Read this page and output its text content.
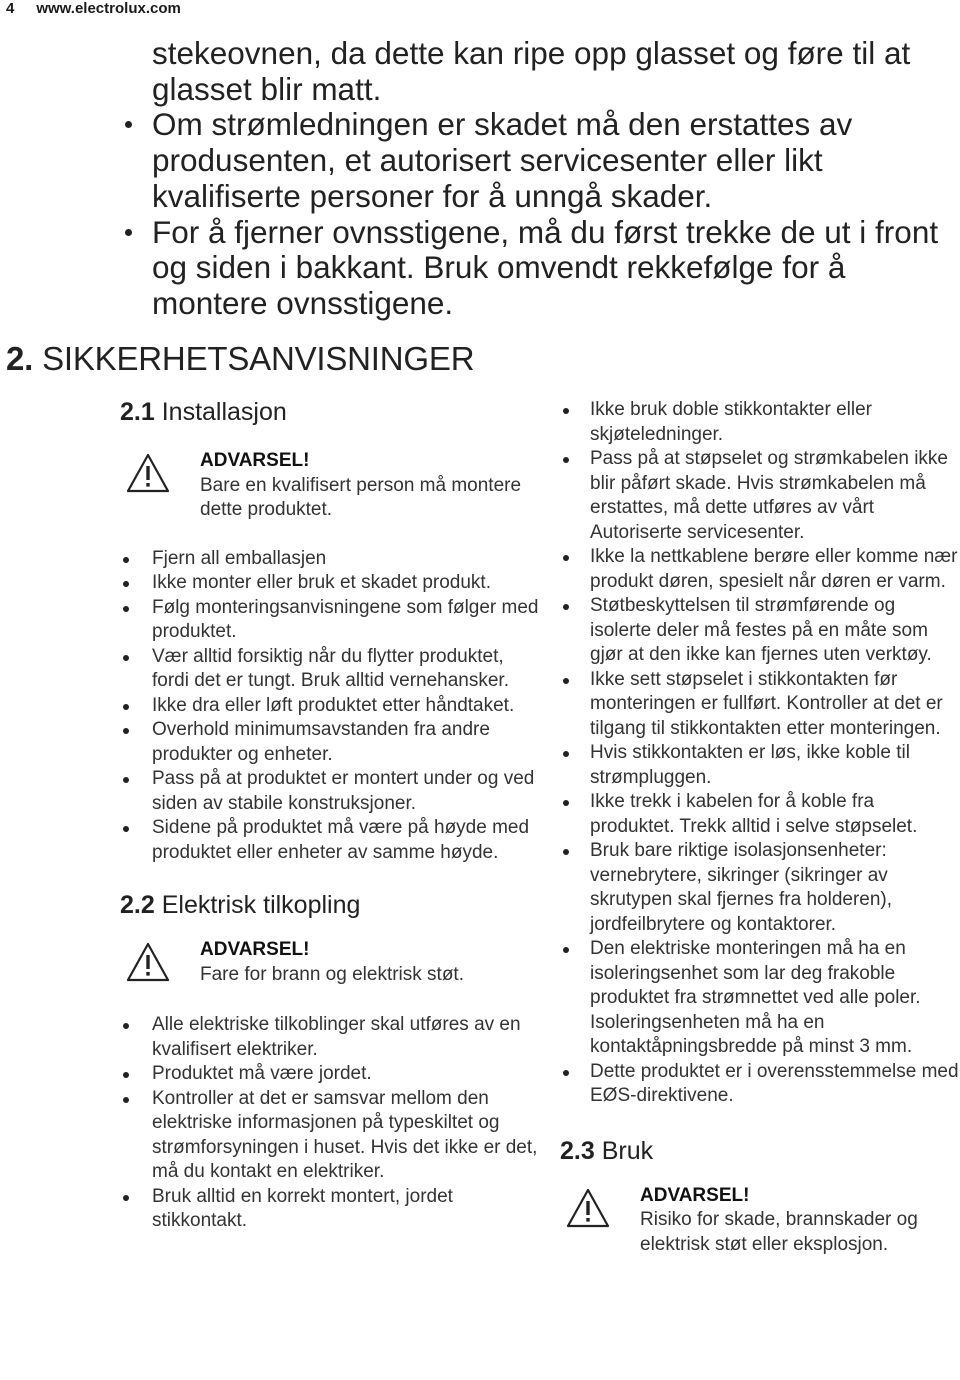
4 www.electrolux.com

stekeovnen, da dette kan ripe opp glasset og føre til at glasset blir matt.

Om strømledningen er skadet må den erstattes av produsenten, et autorisert servicesenter eller likt kvalifiserte personer for å unngå skader.
For å fjerner ovnsstigene, må du først trekke de ut i front og siden i bakkant. Bruk omvendt rekkefølge for å montere ovnsstigene.
2. SIKKERHETSANVISNINGER
2.1 Installasjon
ADVARSEL!
Bare en kvalifisert person må montere dette produktet.
Fjern all emballasjen
Ikke monter eller bruk et skadet produkt.
Følg monteringsanvisningene som følger med produktet.
Vær alltid forsiktig når du flytter produktet, fordi det er tungt. Bruk alltid vernehansker.
Ikke dra eller løft produktet etter håndtaket.
Overhold minimumsavstanden fra andre produkter og enheter.
Pass på at produktet er montert under og ved siden av stabile konstruksjoner.
Sidene på produktet må være på høyde med produktet eller enheter av samme høyde.
2.2 Elektrisk tilkopling
ADVARSEL!
Fare for brann og elektrisk støt.
Alle elektriske tilkoblinger skal utføres av en kvalifisert elektriker.
Produktet må være jordet.
Kontroller at det er samsvar mellom den elektriske informasjonen på typeskiltet og strømforsyningen i huset. Hvis det ikke er det, må du kontakt en elektriker.
Bruk alltid en korrekt montert, jordet stikkontakt.
Ikke bruk doble stikkontakter eller skjøteledninger.
Pass på at støpselet og strømkabelen ikke blir påført skade. Hvis strømkabelen må erstattes, må dette utføres av vårt Autoriserte servicesenter.
Ikke la nettkablene berøre eller komme nær produkt døren, spesielt når døren er varm.
Støtbeskyttelsen til strømførende og isolerte deler må festes på en måte som gjør at den ikke kan fjernes uten verktøy.
Ikke sett støpselet i stikkontakten før monteringen er fullført. Kontroller at det er tilgang til stikkontakten etter monteringen.
Hvis stikkontakten er løs, ikke koble til strømpluggen.
Ikke trekk i kabelen for å koble fra produktet. Trekk alltid i selve støpselet.
Bruk bare riktige isolasjonsenheter: vernebrytere, sikringer (sikringer av skrutypen skal fjernes fra holderen), jordfeilbrytere og kontaktorer.
Den elektriske monteringen må ha en isoleringsenhet som lar deg frakoble produktet fra strømnettet ved alle poler. Isoleringsenheten må ha en kontaktåpningsbredde på minst 3 mm.
Dette produktet er i overensstemmelse med EØS-direktivene.
2.3 Bruk
ADVARSEL!
Risiko for skade, brannskader og elektrisk støt eller eksplosjon.
